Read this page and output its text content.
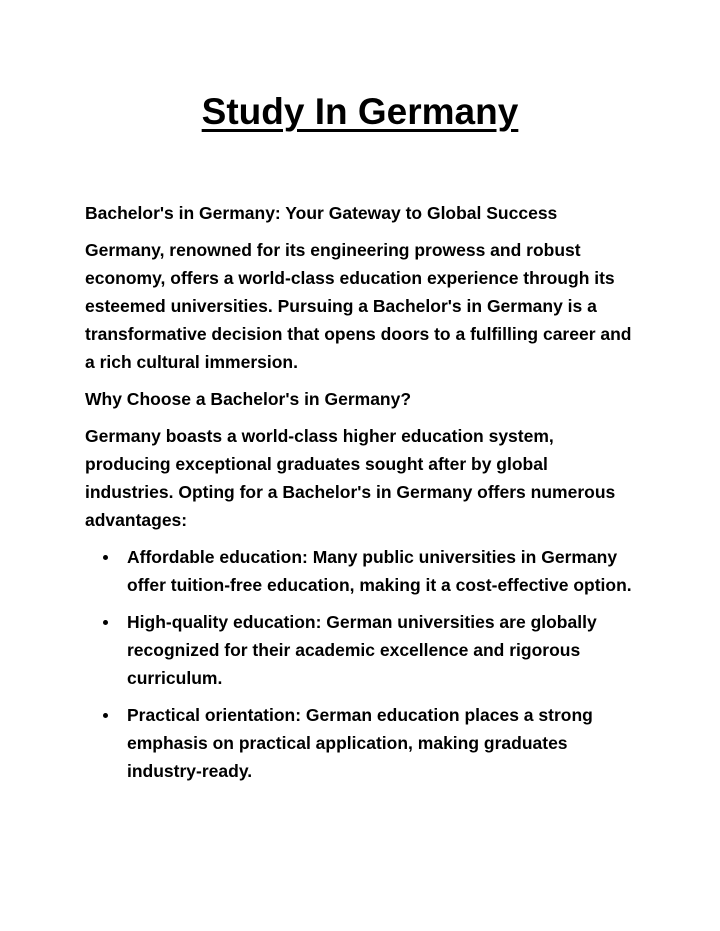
Study In Germany

Bachelor's in Germany: Your Gateway to Global Success

Germany, renowned for its engineering prowess and robust economy, offers a world-class education experience through its esteemed universities. Pursuing a Bachelor's in Germany is a transformative decision that opens doors to a fulfilling career and a rich cultural immersion.

Why Choose a Bachelor's in Germany?

Germany boasts a world-class higher education system, producing exceptional graduates sought after by global industries. Opting for a Bachelor's in Germany offers numerous advantages:

Affordable education: Many public universities in Germany offer tuition-free education, making it a cost-effective option.
High-quality education: German universities are globally recognized for their academic excellence and rigorous curriculum.
Practical orientation: German education places a strong emphasis on practical application, making graduates industry-ready.
